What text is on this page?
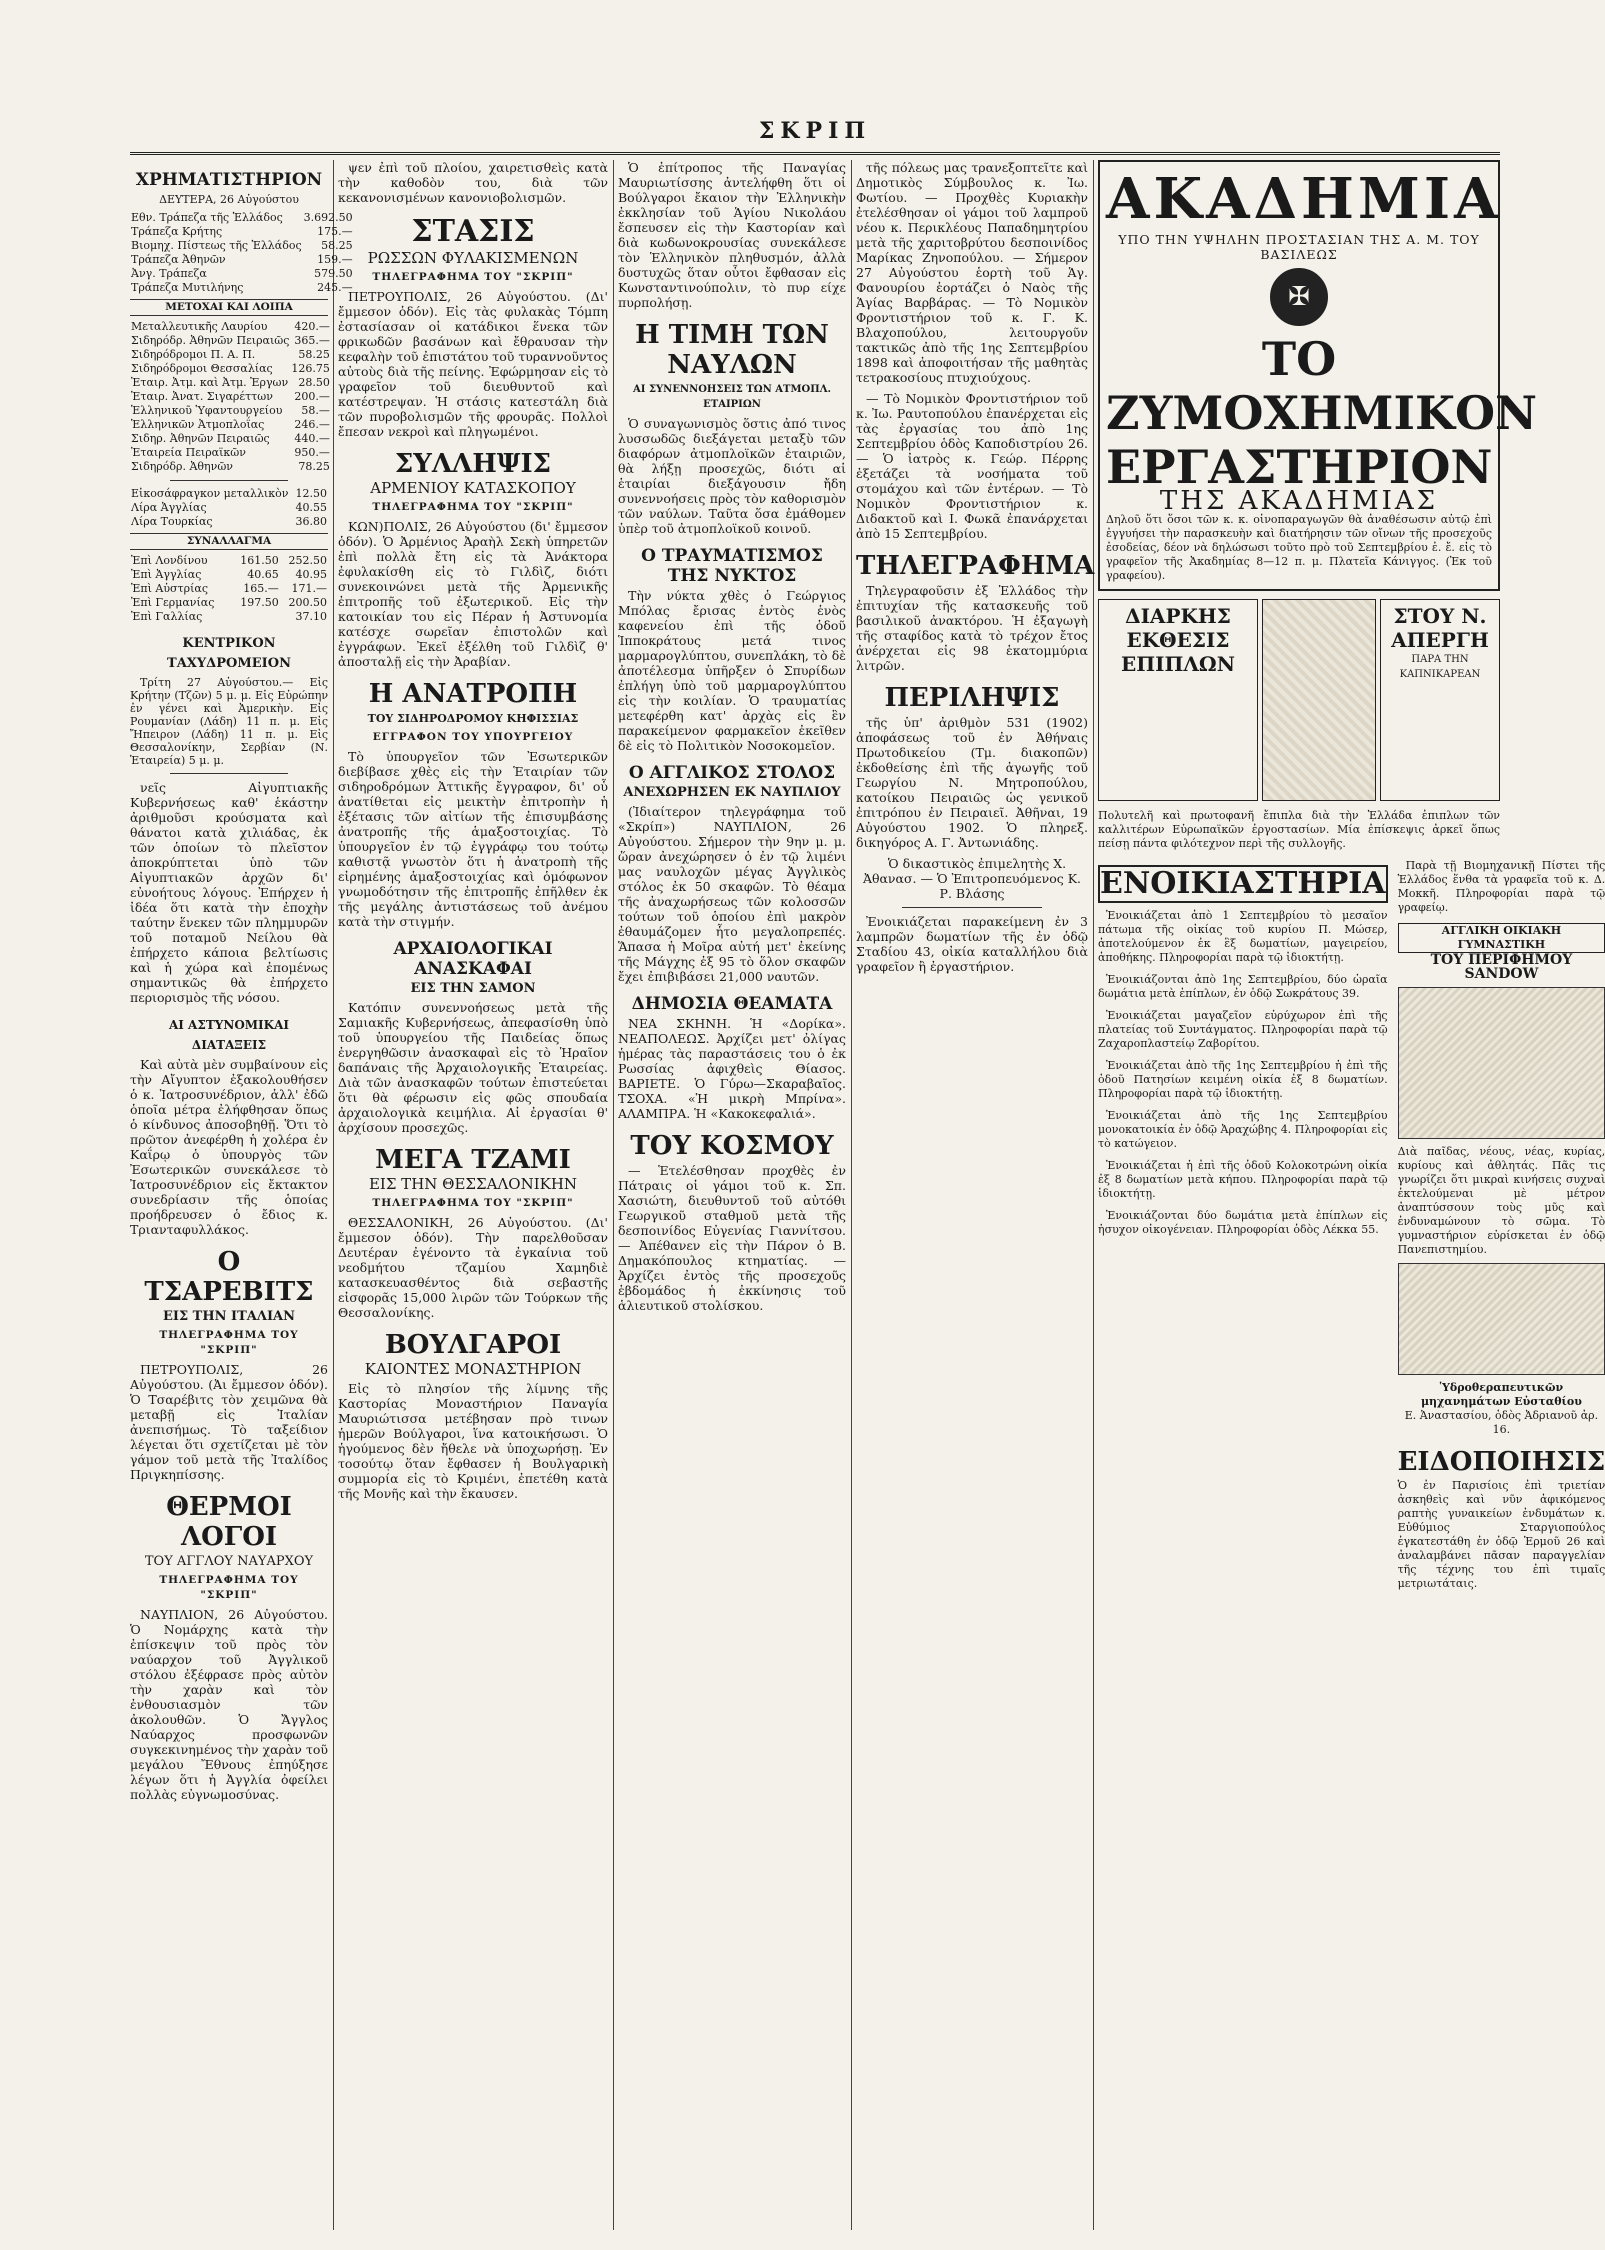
ΣΚΡΙΠ
ΧΡΗΜΑΤΙΣΤΗΡΙΟΝ
ΔΕΥΤΕΡΑ, 26 Αὐγούστου
Εθν. Τράπεζα τῆς Ἑλλάδος	3.692.50
Τράπεζα Κρήτης	175.—
Βιομηχ. Πίστεως τῆς Ἑλλάδος	58.25
Τράπεζα Ἀθηνῶν	159.—
Ἀνγ. Τράπεζα	579.50
Τράπεζα Μυτιλήνης	245.—
ΜΕΤΟΧΑΙ ΚΑΙ ΛΟΙΠΑ
Μεταλλευτικῆς Λαυρίου	420.—
Σιδηρόδρ. Ἀθηνῶν Πειραιῶς	365.—
Σιδηρόδρομοι Π. Α. Π.	58.25
Σιδηρόδρομοι Θεσσαλίας	126.75
Ἐταιρ. Ἀτμ. καὶ Ἀτμ. Ἐργων	28.50
Ἐταιρ. Ἀνατ. Σιγαρέττων	200.—
Ἑλληνικοῦ Ὑφαντουργείου	58.—
Ἑλληνικῶν Ἀτμοπλοΐας	246.—
Σιδηρ. Ἀθηνῶν Πειραιῶς	440.—
Ἐταιρεία Πειραϊκῶν	950.—
Σιδηρόδρ. Ἀθηνῶν	78.25
Εἰκοσάφραγκον μεταλλικὸν	12.50
Λίρα Ἀγγλίας	40.55
Λίρα Τουρκίας	36.80
ΣΥΝΑΛΛΑΓΜΑ
Ἐπὶ Λονδίνου	161.50	252.50
Ἐπὶ Ἀγγλίας	40.65	40.95
Ἐπὶ Αὐστρίας	165.—	171.—
Ἐπὶ Γερμανίας	197.50	200.50
Ἐπὶ Γαλλίας		37.10
ΚΕΝΤΡΙΚΟΝ ΤΑΧΥΔΡΟΜΕΙΟΝ

Τρίτη 27 Αὐγούστου.— Εἰς Κρήτην (Τζῶν) 5 μ. μ. Εἰς Εὐρώπην ἐν γένει καὶ Ἀμερικὴν. Εἰς Ρουμανίαν (Λάδη) 11 π. μ. Εἰς Ἤπειρον (Λάδη) 11 π. μ. Εἰς Θεσσαλονίκην, Σερβίαν (Ν. Ἑταιρεία) 5 μ. μ.

νεῖς Αἰγυπτιακῆς Κυβερνήσεως καθ' ἑκάστην ἀριθμοῦσι κρούσματα καὶ θάνατοι κατὰ χιλιάδας, ἐκ τῶν ὁποίων τὸ πλεῖστον ἀποκρύπτεται ὑπὸ τῶν Αἰγυπτιακῶν ἀρχῶν δι' εὐνοήτους λόγους. Ἐπήρχεν ἡ ἰδέα ὅτι κατὰ τὴν ἐποχὴν ταύτην ἕνεκεν τῶν πλημμυρῶν τοῦ ποταμοῦ Νείλου θὰ ἐπήρχετο κάποια βελτίωσις καὶ ἡ χώρα καὶ ἐπομένως σημαντικῶς θὰ ἐπήρχετο περιορισμὸς τῆς νόσου.

ΑΙ ΑΣΤΥΝΟΜΙΚΑΙ ΔΙΑΤΑΞΕΙΣ

Καὶ αὐτὰ μὲν συμβαίνουν εἰς τὴν Αἴγυπτον ἐξακολουθήσεν ὁ κ. Ἰατροσυνέδριον, ἀλλ' ἐδῶ ὁποῖα μέτρα ἐλήφθησαν ὅπως ὁ κίνδυνος ἀποσοβηθῇ. Ὅτι τὸ πρῶτον ἀνεφέρθη ἡ χολέρα ἐν Καΐρῳ ὁ ὑπουργὸς τῶν Ἐσωτερικῶν συνεκάλεσε τὸ Ἰατροσυνέδριον εἰς ἔκτακτον συνεδρίασιν τῆς ὁποίας προήδρευσεν ὁ ἔδιος κ. Τριανταφυλλάκος.

Ο ΤΣΑΡΕΒΙΤΣ
ΕΙΣ ΤΗΝ ΙΤΑΛΙΑΝ
ΤΗΛΕΓΡΑΦΗΜΑ ΤΟΥ "ΣΚΡΙΠ"

ΠΕΤΡΟΥΠΟΛΙΣ, 26 Αὐγούστου. (Ἀι ἔμμεσον ὁδόν). Ὁ Τσαρέβιτς τὸν χειμῶνα θὰ μεταβῇ εἰς Ἰταλίαν ἀνεπισήμως. Τὸ ταξείδιον λέγεται ὅτι σχετίζεται μὲ τὸν γάμον τοῦ μετὰ τῆς Ἰταλίδος Πριγκηπίσσης.

ΘΕΡΜΟΙ ΛΟΓΟΙ
ΤΟΥ ΑΓΓΛΟΥ ΝΑΥΑΡΧΟΥ
ΤΗΛΕΓΡΑΦΗΜΑ ΤΟΥ "ΣΚΡΙΠ"

ΝΑΥΠΛΙΟΝ, 26 Αὐγούστου. Ὁ Νομάρχης κατὰ τὴν ἐπίσκεψιν τοῦ πρὸς τὸν ναύαρχον τοῦ Ἀγγλικοῦ στόλου ἐξέφρασε πρὸς αὐτὸν τὴν χαρὰν καὶ τὸν ἐνθουσιασμὸν τῶν ἀκολουθῶν. Ὁ Ἄγγλος Ναύαρχος προσφωνῶν συγκεκινημένος τὴν χαρὰν τοῦ μεγάλου Ἔθνους ἐπηύξησε λέγων ὅτι ἡ Ἀγγλία ὀφείλει πολλὰς εὐγνωμοσύνας.

ψεν ἐπὶ τοῦ πλοίου, χαιρετισθεὶς κατὰ τὴν καθοδὸν του, διὰ τῶν κεκανονισμένων κανονιοβολισμῶν.

ΣΤΑΣΙΣ
ΡΩΣΣΩΝ ΦΥΛΑΚΙΣΜΕΝΩΝ
ΤΗΛΕΓΡΑΦΗΜΑ ΤΟΥ "ΣΚΡΙΠ"

ΠΕΤΡΟΥΠΟΛΙΣ, 26 Αὐγούστου. (Δι' ἔμμεσον ὁδόν). Εἰς τὰς φυλακὰς Τόμπη ἐστασίασαν οἱ κατάδικοι ἕνεκα τῶν φρικωδῶν βασάνων καὶ ἔθραυσαν τὴν κεφαλὴν τοῦ ἐπιστάτου τοῦ τυραννοῦντος αὐτοὺς διὰ τῆς πείνης. Ἐφώρμησαν εἰς τὸ γραφεῖον τοῦ διευθυντοῦ καὶ κατέστρεψαν. Ἡ στάσις κατεστάλη διὰ τῶν πυροβολισμῶν τῆς φρουρᾶς. Πολλοὶ ἔπεσαν νεκροὶ καὶ πληγωμένοι.

ΣΥΛΛΗΨΙΣ
ΑΡΜΕΝΙΟΥ ΚΑΤΑΣΚΟΠΟΥ
ΤΗΛΕΓΡΑΦΗΜΑ ΤΟΥ "ΣΚΡΙΠ"

ΚΩΝ)ΠΟΛΙΣ, 26 Αὐγούστου (δι' ἔμμεσον ὁδόν). Ὁ Ἀρμένιος Ἀραὴλ Σεκὴ ὑπηρετῶν ἐπὶ πολλὰ ἔτη εἰς τὰ Ἀνάκτορα ἐφυλακίσθη εἰς τὸ Γιλδὶζ, διότι συνεκοινώνει μετὰ τῆς Ἀρμενικῆς ἐπιτροπῆς τοῦ ἐξωτερικοῦ. Εἰς τὴν κατοικίαν του εἰς Πέραν ἡ Ἀστυνομία κατέσχε σωρεῖαν ἐπιστολῶν καὶ ἐγγράφων. Ἐκεῖ ἐξέλθη τοῦ Γιλδὶζ θ' ἀποσταλῇ εἰς τὴν Ἀραβίαν.

Η ΑΝΑΤΡΟΠΗ
ΤΟΥ ΣΙΔΗΡΟΔΡΟΜΟΥ ΚΗΦΙΣΣΙΑΣ
ΕΓΓΡΑΦΟΝ ΤΟΥ ΥΠΟΥΡΓΕΙΟΥ

Τὸ ὑπουργεῖον τῶν Ἐσωτερικῶν διεβίβασε χθὲς εἰς τὴν Ἑταιρίαν τῶν σιδηροδρόμων Ἀττικῆς ἔγγραφον, δι' οὗ ἀνατίθεται εἰς μεικτὴν ἐπιτροπὴν ἡ ἐξέτασις τῶν αἰτίων τῆς ἐπισυμβάσης ἀνατροπῆς τῆς ἁμαξοστοιχίας. Τὸ ὑπουργεῖον ἐν τῷ ἐγγράφῳ του τούτῳ καθιστᾷ γνωστὸν ὅτι ἡ ἀνατροπὴ τῆς εἰρημένης ἁμαξοστοιχίας καὶ ὁμόφωνον γνωμοδότησιν τῆς ἐπιτροπῆς ἐπῆλθεν ἐκ τῆς μεγάλης ἀντιστάσεως τοῦ ἀνέμου κατὰ τὴν στιγμήν.

ΑΡΧΑΙΟΛΟΓΙΚΑΙ ΑΝΑΣΚΑΦΑΙ
ΕΙΣ ΤΗΝ ΣΑΜΟΝ

Κατόπιν συνεννοήσεως μετὰ τῆς Σαμιακῆς Κυβερνήσεως, ἀπεφασίσθη ὑπὸ τοῦ ὑπουργείου τῆς Παιδείας ὅπως ἐνεργηθῶσιν ἀνασκαφαὶ εἰς τὸ Ἡραῖον δαπάναις τῆς Ἀρχαιολογικῆς Ἑταιρείας. Διὰ τῶν ἀνασκαφῶν τούτων ἐπιστεύεται ὅτι θὰ φέρωσιν εἰς φῶς σπουδαία ἀρχαιολογικὰ κειμήλια. Αἱ ἐργασίαι θ' ἀρχίσουν προσεχῶς.

ΜΕΓΑ ΤΖΑΜΙ
ΕΙΣ ΤΗΝ ΘΕΣΣΑΛΟΝΙΚΗΝ
ΤΗΛΕΓΡΑΦΗΜΑ ΤΟΥ "ΣΚΡΙΠ"

ΘΕΣΣΑΛΟΝΙΚΗ, 26 Αὐγούστου. (Δι' ἔμμεσον ὁδόν). Τὴν παρελθοῦσαν Δευτέραν ἐγένοντο τὰ ἐγκαίνια τοῦ νεοδμήτου τζαμίου Χαμηδιὲ κατασκευασθέντος διὰ σεβαστῆς εἰσφορᾶς 15,000 λιρῶν τῶν Τούρκων τῆς Θεσσαλονίκης.

ΒΟΥΛΓΑΡΟΙ
ΚΑΙΟΝΤΕΣ ΜΟΝΑΣΤΗΡΙΟΝ

Εἰς τὸ πλησίον τῆς λίμνης τῆς Καστορίας Μοναστήριον Παναγία Μαυριώτισσα μετέβησαν πρὸ τινων ἡμερῶν Βούλγαροι, ἵνα κατοικήσωσι. Ὁ ἡγούμενος δὲν ἤθελε νὰ ὑποχωρήσῃ. Ἐν τοσούτῳ ὅταν ἔφθασεν ἡ Βουλγαρικὴ συμμορία εἰς τὸ Κριμένι, ἐπετέθη κατὰ τῆς Μονῆς καὶ τὴν ἔκαυσεν.

Ὁ ἐπίτροπος τῆς Παναγίας Μαυριωτίσσης ἀντελήφθη ὅτι οἱ Βούλγαροι ἔκαιον τὴν Ἑλληνικὴν ἐκκλησίαν τοῦ Ἁγίου Νικολάου ἔσπευσεν εἰς τὴν Καστορίαν καὶ διὰ κωδωνοκρουσίας συνεκάλεσε τὸν Ἑλληνικὸν πληθυσμόν, ἀλλὰ δυστυχῶς ὅταν οὗτοι ἔφθασαν εἰς Κωνσταντινούπολιν, τὸ πυρ είχε πυρπολήσῃ.

Η ΤΙΜΗ ΤΩΝ ΝΑΥΛΩΝ
ΑΙ ΣΥΝΕΝΝΟΗΣΕΙΣ ΤΩΝ ΑΤΜΟΠΛ. ΕΤΑΙΡΙΩΝ

Ὁ συναγωνισμὸς ὅστις ἀπό τινος λυσσωδῶς διεξάγεται μεταξὺ τῶν διαφόρων ἀτμοπλοϊκῶν ἑταιριῶν, θὰ λήξῃ προσεχῶς, διότι αἱ ἑταιρίαι διεξάγουσιν ἤδη συνεννοήσεις πρὸς τὸν καθορισμὸν τῶν ναύλων. Ταῦτα ὅσα ἐμάθομεν ὑπὲρ τοῦ ἀτμοπλοϊκοῦ κοινοῦ.

Ο ΤΡΑΥΜΑΤΙΣΜΟΣ ΤΗΣ ΝΥΚΤΟΣ

Τὴν νύκτα χθὲς ὁ Γεώργιος Μπόλας ἔρισας ἐντὸς ἑνὸς καφενείου ἐπὶ τῆς ὁδοῦ Ἱπποκράτους μετά τινος μαρμαρογλύπτου, συνεπλάκη, τὸ δὲ ἀποτέλεσμα ὑπῆρξεν ὁ Σπυρίδων ἐπλήγη ὑπὸ τοῦ μαρμαρογλύπτου εἰς τὴν κοιλίαν. Ὁ τραυματίας μετεφέρθη κατ' ἀρχὰς εἰς ἓν παρακείμενον φαρμακεῖον ἐκεῖθεν δὲ εἰς τὸ Πολιτικὸν Νοσοκομεῖον.

Ο ΑΓΓΛΙΚΟΣ ΣΤΟΛΟΣ
ΑΝΕΧΩΡΗΣΕΝ ΕΚ ΝΑΥΠΛΙΟΥ

(Ἰδιαίτερον τηλεγράφημα τοῦ «Σκρίπ») ΝΑΥΠΛΙΟΝ, 26 Αὐγούστου. Σήμερον τὴν 9ην μ. μ. ὥραν ἀνεχώρησεν ὁ ἐν τῷ λιμένι μας ναυλοχῶν μέγας Ἀγγλικὸς στόλος ἐκ 50 σκαφῶν. Τὸ θέαμα τῆς ἀναχωρήσεως τῶν κολοσσῶν τούτων τοῦ ὁποίου ἐπὶ μακρὸν ἐθαυμάζομεν ἧτο μεγαλοπρεπές. Ἅπασα ἡ Μοῖρα αὐτή μετ' ἐκείνης τῆς Μάγχης ἐξ 95 τὸ ὅλον σκαφῶν ἔχει ἐπιβιβάσει 21,000 ναυτῶν.

ΔΗΜΟΣΙΑ ΘΕΑΜΑΤΑ

ΝΕΑ ΣΚΗΝΗ. Ἡ «Δορίκα». ΝΕΑΠΟΛΕΩΣ. Ἀρχίζει μετ' ὀλίγας ἡμέρας τὰς παραστάσεις του ὁ ἐκ Ρωσσίας ἀφιχθεὶς Θίασος. ΒΑΡΙΕΤΕ. Ὁ Γύρω—Σκαραβαῖος. ΤΣΟΧΑ. «Ἡ μικρὴ Μπρίνα». ΑΛΑΜΠΡΑ. Ἡ «Κακοκεφαλιά».

ΤΟΥ ΚΟΣΜΟΥ

— Ἑτελέσθησαν προχθὲς ἐν Πάτραις οἱ γάμοι τοῦ κ. Σπ. Χασιώτη, διευθυντοῦ τοῦ αὐτόθι Γεωργικοῦ σταθμοῦ μετὰ τῆς δεσποινίδος Εὐγενίας Γιαννίτσου. — Ἀπέθανεν εἰς τὴν Πάρον ὁ Β. Δημακόπουλος κτηματίας. — Ἀρχίζει ἐντὸς τῆς προσεχοῦς ἑβδομάδος ἡ ἐκκίνησις τοῦ ἁλιευτικοῦ στολίσκου.

τῆς πόλεως μας τρανεξοπτεῖτε καὶ Δημοτικὸς Σύμβουλος κ. Ἰω. Φωτίου. — Προχθὲς Κυριακὴν ἐτελέσθησαν οἱ γάμοι τοῦ λαμπροῦ νέου κ. Περικλέους Παπαδημητρίου μετὰ τῆς χαριτοβρύτου δεσποινίδος Μαρίκας Ζηνοπούλου. — Σήμερον 27 Αὐγούστου ἑορτὴ τοῦ Ἁγ. Φανουρίου ἑορτάζει ὁ Ναὸς τῆς Ἁγίας Βαρβάρας. — Τὸ Νομικὸν Φροντιστήριον τοῦ κ. Γ. Κ. Βλαχοπούλου, λειτουργοῦν τακτικῶς ἀπὸ τῆς 1ης Σεπτεμβρίου 1898 καὶ ἀποφοιτήσαν τῆς μαθητὰς τετρακοσίους πτυχιούχους.

— Τὸ Νομικὸν Φροντιστήριον τοῦ κ. Ἰω. Ραυτοπούλου ἐπανέρχεται εἰς τὰς ἐργασίας του ἀπὸ 1ης Σεπτεμβρίου ὁδὸς Καποδιστρίου 26. — Ὁ ἰατρὸς κ. Γεώρ. Πέρρης ἐξετάζει τὰ νοσήματα τοῦ στομάχου καὶ τῶν ἐντέρων. — Τὸ Νομικὸν Φροντιστήριον κ. Διδακτοῦ καὶ Ι. Φωκᾶ ἐπανάρχεται ἀπὸ 15 Σεπτεμβρίου.

ΤΗΛΕΓΡΑΦΗΜΑ

Τηλεγραφοῦσιν ἐξ Ἑλλάδος τὴν ἐπιτυχίαν τῆς κατασκευῆς τοῦ βασιλικοῦ ἀνακτόρου. Ἡ ἐξαγωγὴ τῆς σταφίδος κατὰ τὸ τρέχον ἔτος ἀνέρχεται εἰς 98 ἑκατομμύρια λιτρῶν.

ΠΕΡΙΛΗΨΙΣ

τῆς ὑπ' ἀριθμὸν 531 (1902) ἀποφάσεως τοῦ ἐν Ἀθήναις Πρωτοδικείου (Τμ. διακοπῶν) ἐκδοθείσης ἐπὶ τῆς ἀγωγῆς τοῦ Γεωργίου Ν. Μητροπούλου, κατοίκου Πειραιῶς ὡς γενικοῦ ἐπιτρόπου ἐν Πειραιεῖ. Ἀθῆναι, 19 Αὐγούστου 1902. Ὁ πληρεξ. δικηγόρος Α. Γ. Ἀντωνιάδης.

Ὁ δικαστικὸς ἐπιμελητὴς Χ. Ἀθανασ. — Ὁ Ἐπιτροπευόμενος Κ. Ρ. Βλάσης

Ἐνοικιάζεται παρακείμενη ἐν 3 λαμπρῶν δωματίων τῆς ἐν ὁδῷ Σταδίου 43, οἰκία καταλλήλου διὰ γραφεῖον ἢ ἐργαστήριον.

ΑΚΑΔΗΜΙΑ
ΥΠΟ ΤΗΝ ΥΨΗΛΗΝ ΠΡΟΣΤΑΣΙΑΝ ΤΗΣ Α. Μ. ΤΟΥ ΒΑΣΙΛΕΩΣ
✠
ΤΟ ΖΥΜΟΧΗΜΙΚΟΝ ΕΡΓΑΣΤΗΡΙΟΝ
ΤΗΣ ΑΚΑΔΗΜΙΑΣ
Δηλοῦ ὅτι ὅσοι τῶν κ. κ. οἰνοπαραγωγῶν θὰ ἀναθέσωσιν αὐτῷ ἐπὶ ἐγγυήσει τὴν παρασκευὴν καὶ διατήρησιν τῶν οἴνων τῆς προσεχοῦς ἐσοδείας, δέον νὰ δηλώσωσι τοῦτο πρὸ τοῦ Σεπτεμβρίου ἐ. ἔ. εἰς τὸ γραφεῖον τῆς Ἀκαδημίας 8—12 π. μ. Πλατεῖα Κάνιγγος. (Ἐκ τοῦ γραφείου).
ΔΙΑΡΚΗΣ ΕΚΘΕΣΙΣ ΕΠΙΠΛΩΝ
ΣΤΟΥ Ν. ΑΠΕΡΓΗ
ΠΑΡΑ ΤΗΝ ΚΑΠΝΙΚΑΡΕΑΝ
Πολυτελῆ καὶ πρωτοφανῆ ἔπιπλα διὰ τὴν Ἑλλάδα ἐπιπλων τῶν καλλιτέρων Εὐρωπαϊκῶν ἐργοστασίων. Μία ἐπίσκεψις ἀρκεῖ ὅπως πείσῃ πάντα φιλότεχνον περὶ τῆς συλλογῆς.
ΕΝΟΙΚΙΑΣΤΗΡΙΑ
Ἐνοικιάζεται ἀπὸ 1 Σεπτεμβρίου τὸ μεσαῖον πάτωμα τῆς οἰκίας τοῦ κυρίου Π. Μώσερ, ἀποτελούμενον ἐκ ἓξ δωματίων, μαγειρείου, ἀποθήκης. Πληροφορίαι παρὰ τῷ ἰδιοκτήτῃ.
Ἐνοικιάζονται ἀπὸ 1ης Σεπτεμβρίου, δύο ὡραῖα δωμάτια μετὰ ἐπίπλων, ἐν ὁδῷ Σωκράτους 39.
Ἐνοικιάζεται μαγαζεῖον εὐρύχωρον ἐπὶ τῆς πλατείας τοῦ Συντάγματος. Πληροφορίαι παρὰ τῷ Ζαχαροπλαστείῳ Ζαβορίτου.
Ἐνοικιάζεται ἀπὸ τῆς 1ης Σεπτεμβρίου ἡ ἐπὶ τῆς ὁδοῦ Πατησίων κειμένη οἰκία ἐξ 8 δωματίων. Πληροφορίαι παρὰ τῷ ἰδιοκτήτῃ.
Ἐνοικιάζεται ἀπὸ τῆς 1ης Σεπτεμβρίου μονοκατοικία ἐν ὁδῷ Ἀραχώβης 4. Πληροφορίαι εἰς τὸ κατώγειον.
Ἐνοικιάζεται ἡ ἐπὶ τῆς ὁδοῦ Κολοκοτρώνη οἰκία ἐξ 8 δωματίων μετὰ κήπου. Πληροφορίαι παρὰ τῷ ἰδιοκτήτῃ.
Ἐνοικιάζονται δύο δωμάτια μετὰ ἐπίπλων εἰς ἡσυχον οἰκογένειαν. Πληροφορίαι ὁδὸς Λέκκα 55.
Παρὰ τῇ Βιομηχανικῇ Πίστει τῆς Ἑλλάδος ἕνθα τὰ γραφεῖα τοῦ κ. Δ. Μοκκῆ. Πληροφορίαι παρὰ τῷ γραφείῳ.
ΑΓΓΛΙΚΗ ΟΙΚΙΑΚΗ ΓΥΜΝΑΣΤΙΚΗ
ΤΟΥ ΠΕΡΙΦΗΜΟΥ SANDOW
Διὰ παῖδας, νέους, νέας, κυρίας, κυρίους καὶ ἀθλητάς. Πᾶς τις γνωρίζει ὅτι μικραὶ κινήσεις συχναὶ ἐκτελούμεναι μὲ μέτρον ἀναπτύσσουν τοὺς μῦς καὶ ἐνδυναμώνουν τὸ σῶμα. Τὸ γυμναστήριον εὑρίσκεται ἐν ὁδῷ Πανεπιστημίου.
Ὑδροθεραπευτικῶν μηχανημάτων Εὐσταθίου
Ε. Ἀναστασίου, ὁδὸς Ἀδριανοῦ ἀρ. 16.
ΕΙΔΟΠΟΙΗΣΙΣ
Ὁ ἐν Παρισίοις ἐπὶ τριετίαν ἀσκηθεὶς καὶ νῦν ἀφικόμενος ραπτὴς γυναικείων ἐνδυμάτων κ. Εὐθύμιος Σταργιοπούλος ἐγκατεστάθη ἐν ὁδῷ Ἑρμοῦ 26 καὶ ἀναλαμβάνει πᾶσαν παραγγελίαν τῆς τέχνης του ἐπὶ τιμαῖς μετριωτάταις.
